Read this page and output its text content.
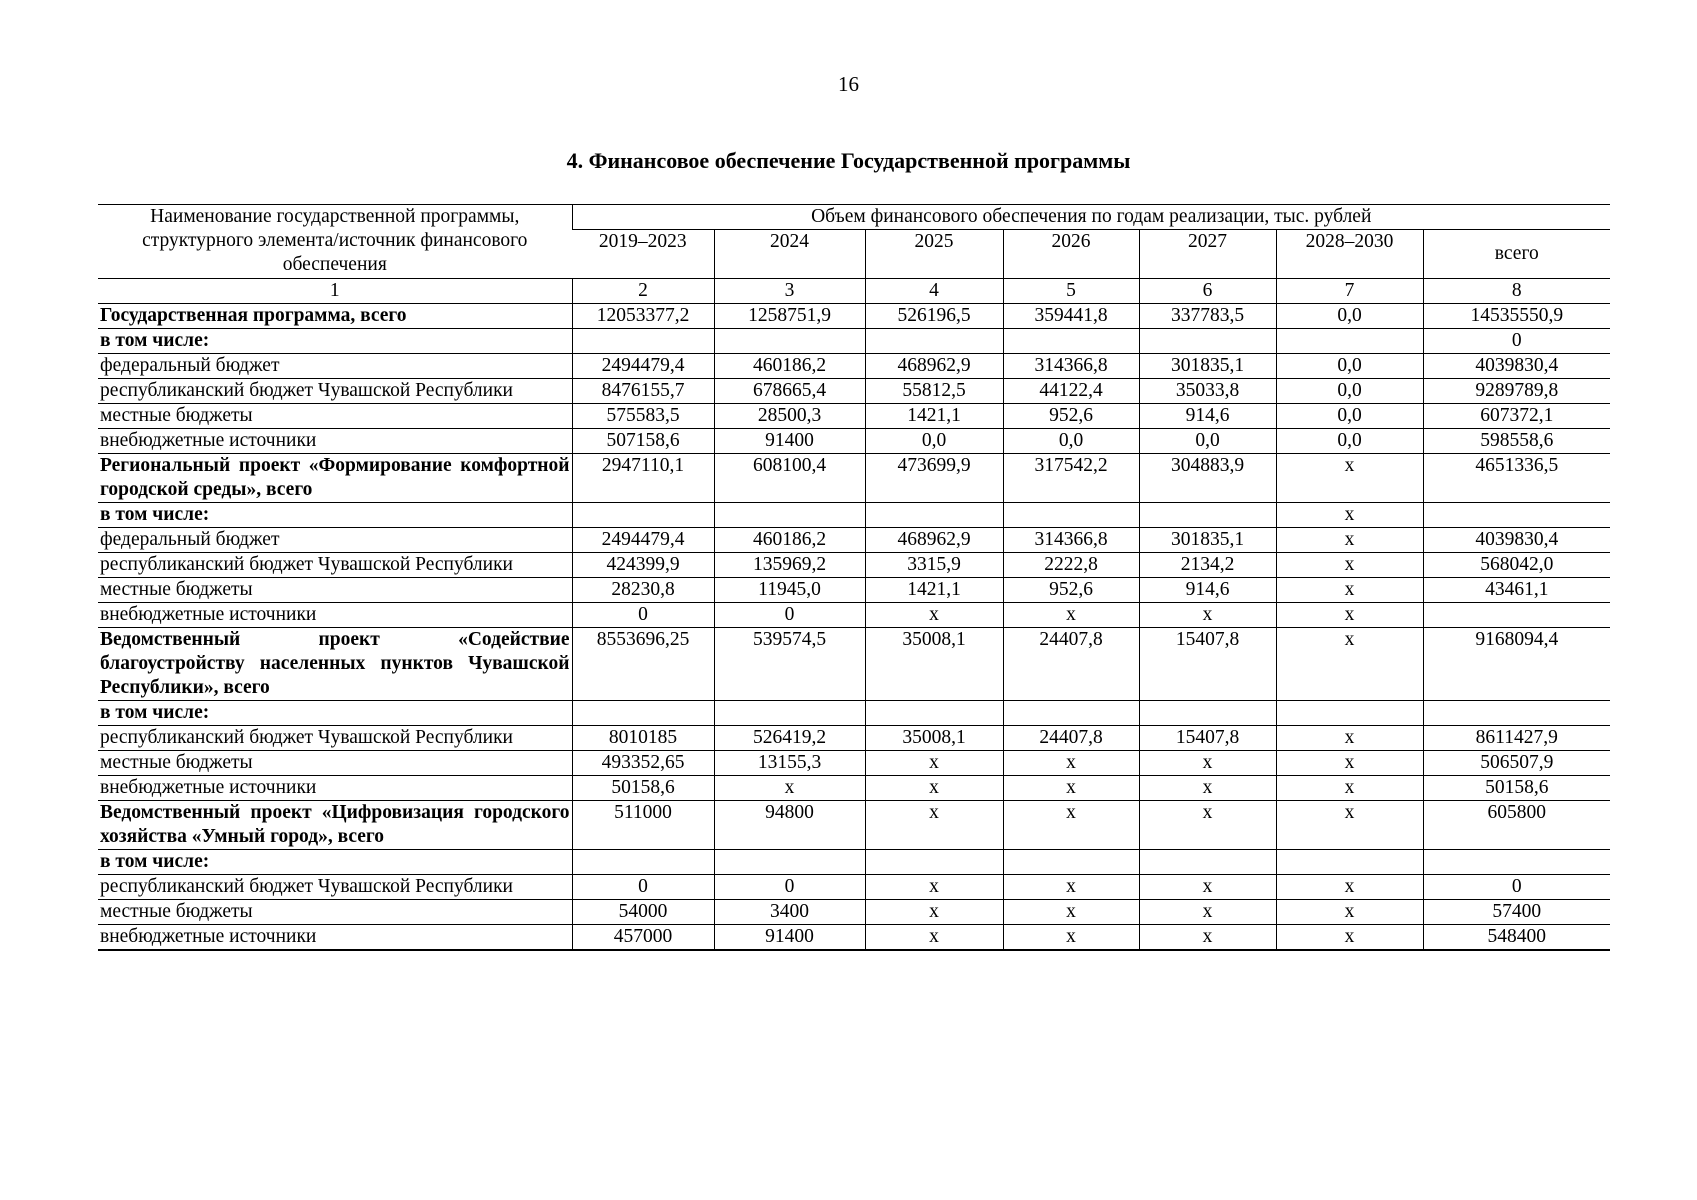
16
4. Финансовое обеспечение Государственной программы
Наименование государственной программы, структурного элемента/источник финансового обеспечения	Объем финансового обеспечения по годам реализации, тыс. рублей						
	2019–2023	2024	2025	2026	2027	2028–2030	всего
1	2	3	4	5	6	7	8
Государственная программа, всего	12053377,2	1258751,9	526196,5	359441,8	337783,5	0,0	14535550,9
в том числе:							0
федеральный бюджет	2494479,4	460186,2	468962,9	314366,8	301835,1	0,0	4039830,4
республиканский бюджет Чувашской Республики	8476155,7	678665,4	55812,5	44122,4	35033,8	0,0	9289789,8
местные бюджеты	575583,5	28500,3	1421,1	952,6	914,6	0,0	607372,1
внебюджетные источники	507158,6	91400	0,0	0,0	0,0	0,0	598558,6
Региональный проект «Формирование комфортной городской среды», всего	2947110,1	608100,4	473699,9	317542,2	304883,9	х	4651336,5
в том числе:						х	
федеральный бюджет	2494479,4	460186,2	468962,9	314366,8	301835,1	х	4039830,4
республиканский бюджет Чувашской Республики	424399,9	135969,2	3315,9	2222,8	2134,2	х	568042,0
местные бюджеты	28230,8	11945,0	1421,1	952,6	914,6	х	43461,1
внебюджетные источники	0	0	х	х	х	х	
Ведомственный проект «Содействие благоустройству населенных пунктов Чувашской Республики», всего	8553696,25	539574,5	35008,1	24407,8	15407,8	х	9168094,4
в том числе:							
республиканский бюджет Чувашской Республики	8010185	526419,2	35008,1	24407,8	15407,8	х	8611427,9
местные бюджеты	493352,65	13155,3	х	х	х	х	506507,9
внебюджетные источники	50158,6	х	х	х	х	х	50158,6
Ведомственный проект «Цифровизация городского хозяйства «Умный город», всего	511000	94800	х	х	х	х	605800
в том числе:							
республиканский бюджет Чувашской Республики	0	0	х	х	х	х	0
местные бюджеты	54000	3400	х	х	х	х	57400
внебюджетные источники	457000	91400	х	х	х	х	548400
